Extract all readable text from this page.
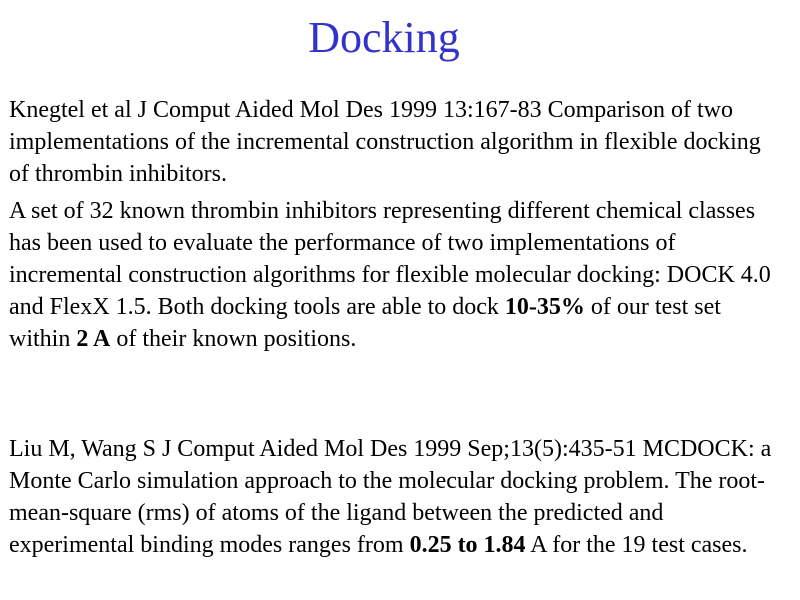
Docking

Knegtel et al J Comput Aided Mol Des 1999 13:167-83 Comparison of two implementations of the incremental construction algorithm in flexible docking of thrombin inhibitors.

A set of 32 known thrombin inhibitors representing different chemical classes has been used to evaluate the performance of two implementations of incremental construction algorithms for flexible molecular docking: DOCK 4.0 and FlexX 1.5. Both docking tools are able to dock 10-35% of our test set within 2 A of their known positions.

Liu M, Wang S J Comput Aided Mol Des 1999 Sep;13(5):435-51 MCDOCK: a Monte Carlo simulation approach to the molecular docking problem. The root-mean-square (rms) of atoms of the ligand between the predicted and experimental binding modes ranges from 0.25 to 1.84 A for the 19 test cases.
